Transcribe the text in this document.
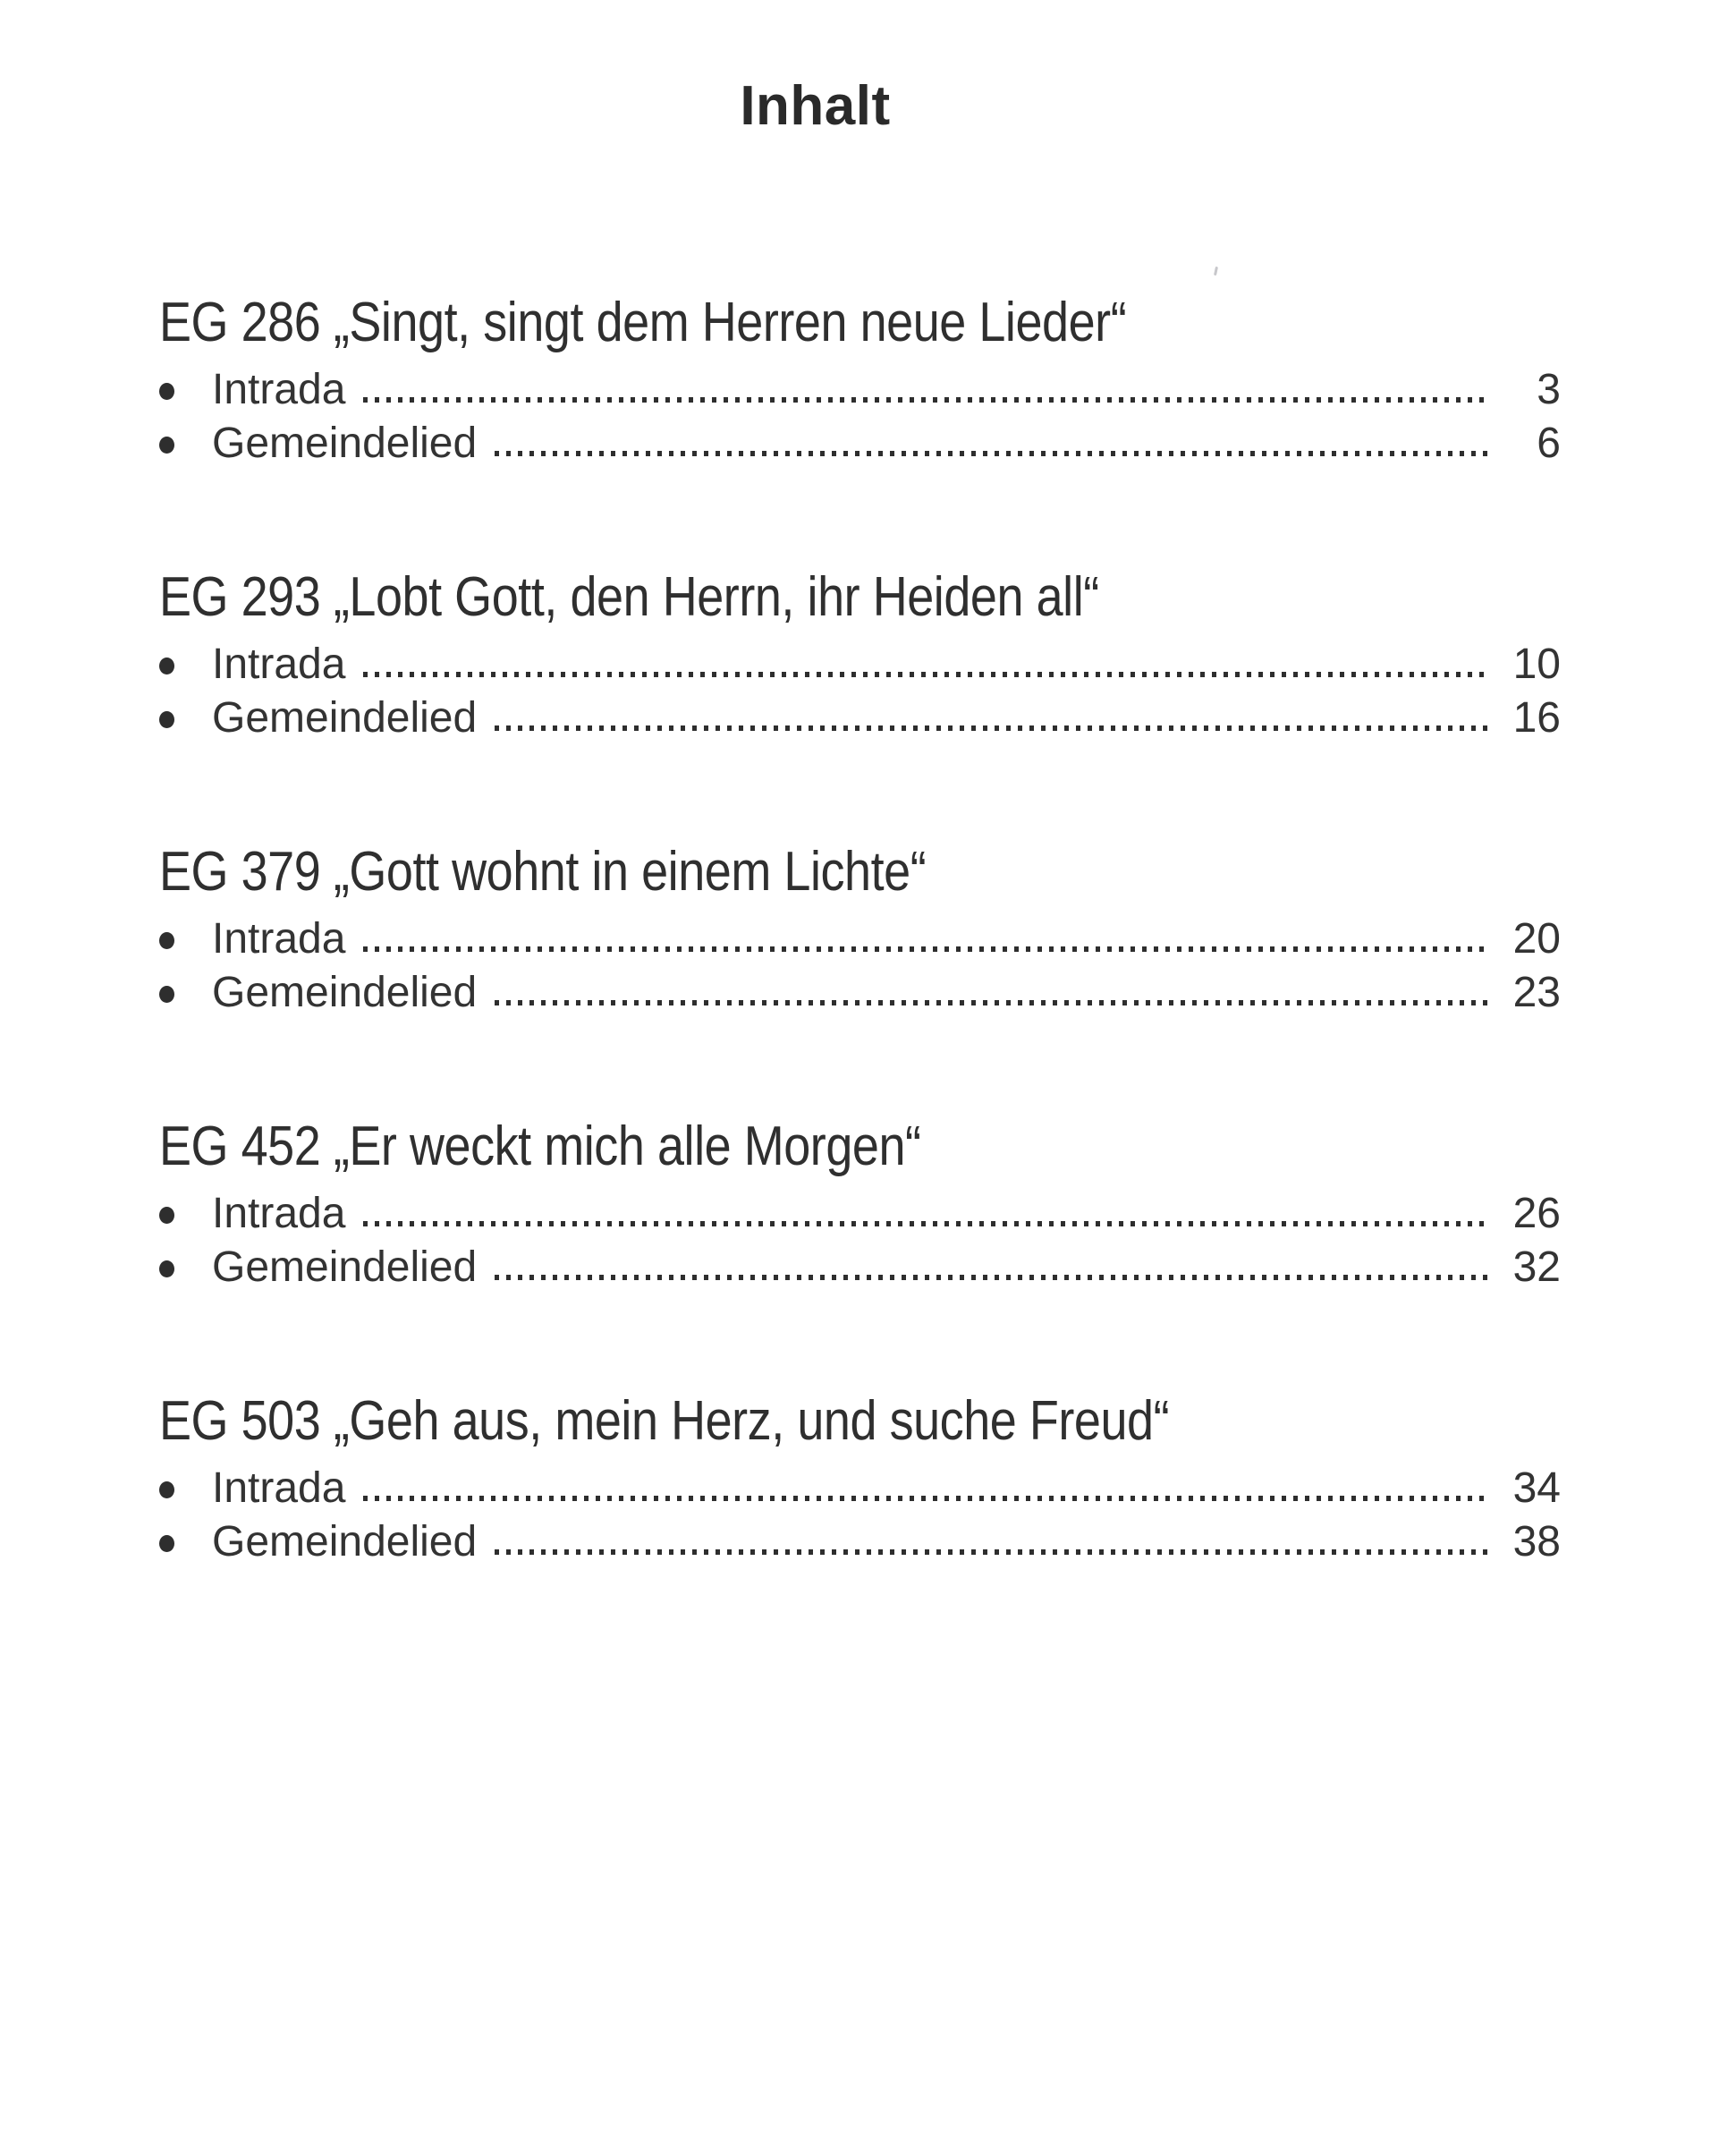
Inhalt
EG 286 „Singt, singt dem Herren neue Lieder“
Intrada	3
Gemeindelied	6
EG 293 „Lobt Gott, den Herrn, ihr Heiden all“
Intrada	10
Gemeindelied	16
EG 379 „Gott wohnt in einem Lichte“
Intrada	20
Gemeindelied	23
EG 452 „Er weckt mich alle Morgen“
Intrada	26
Gemeindelied	32
EG 503 „Geh aus, mein Herz, und suche Freud“
Intrada	34
Gemeindelied	38
